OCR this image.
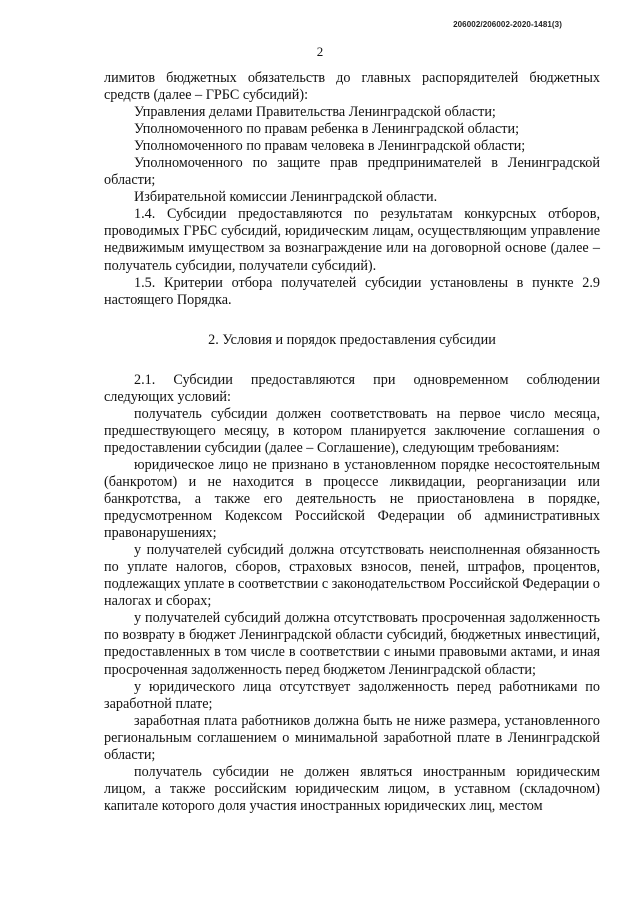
206002/206002-2020-1481(3)
2

лимитов бюджетных обязательств до главных распорядителей бюджетных средств (далее – ГРБС субсидий):

Управления делами Правительства Ленинградской области;

Уполномоченного по правам ребенка в Ленинградской области;

Уполномоченного по правам человека в Ленинградской области;

Уполномоченного по защите прав предпринимателей в Ленинградской области;

Избирательной комиссии Ленинградской области.

1.4. Субсидии предоставляются по результатам конкурсных отборов, проводимых ГРБС субсидий, юридическим лицам, осуществляющим управление недвижимым имуществом за вознаграждение или на договорной основе (далее – получатель субсидии, получатели субсидий).

1.5. Критерии отбора получателей субсидии установлены в пункте 2.9 настоящего Порядка.

2. Условия и порядок предоставления субсидии

2.1. Субсидии предоставляются при одновременном соблюдении следующих условий:

получатель субсидии должен соответствовать на первое число месяца, предшествующего месяцу, в котором планируется заключение соглашения о предоставлении субсидии (далее – Соглашение), следующим требованиям:

юридическое лицо не признано в установленном порядке несостоятельным (банкротом) и не находится в процессе ликвидации, реорганизации или банкротства, а также его деятельность не приостановлена в порядке, предусмотренном Кодексом Российской Федерации об административных правонарушениях;

у получателей субсидий должна отсутствовать неисполненная обязанность по уплате налогов, сборов, страховых взносов, пеней, штрафов, процентов, подлежащих уплате в соответствии с законодательством Российской Федерации о налогах и сборах;

у получателей субсидий должна отсутствовать просроченная задолженность по возврату в бюджет Ленинградской области субсидий, бюджетных инвестиций, предоставленных в том числе в соответствии с иными правовыми актами, и иная просроченная задолженность перед бюджетом Ленинградской области;

у юридического лица отсутствует задолженность перед работниками по заработной плате;

заработная плата работников должна быть не ниже размера, установленного региональным соглашением о минимальной заработной плате в Ленинградской области;

получатель субсидии не должен являться иностранным юридическим лицом, а также российским юридическим лицом, в уставном (складочном) капитале которого доля участия иностранных юридических лиц, местом
